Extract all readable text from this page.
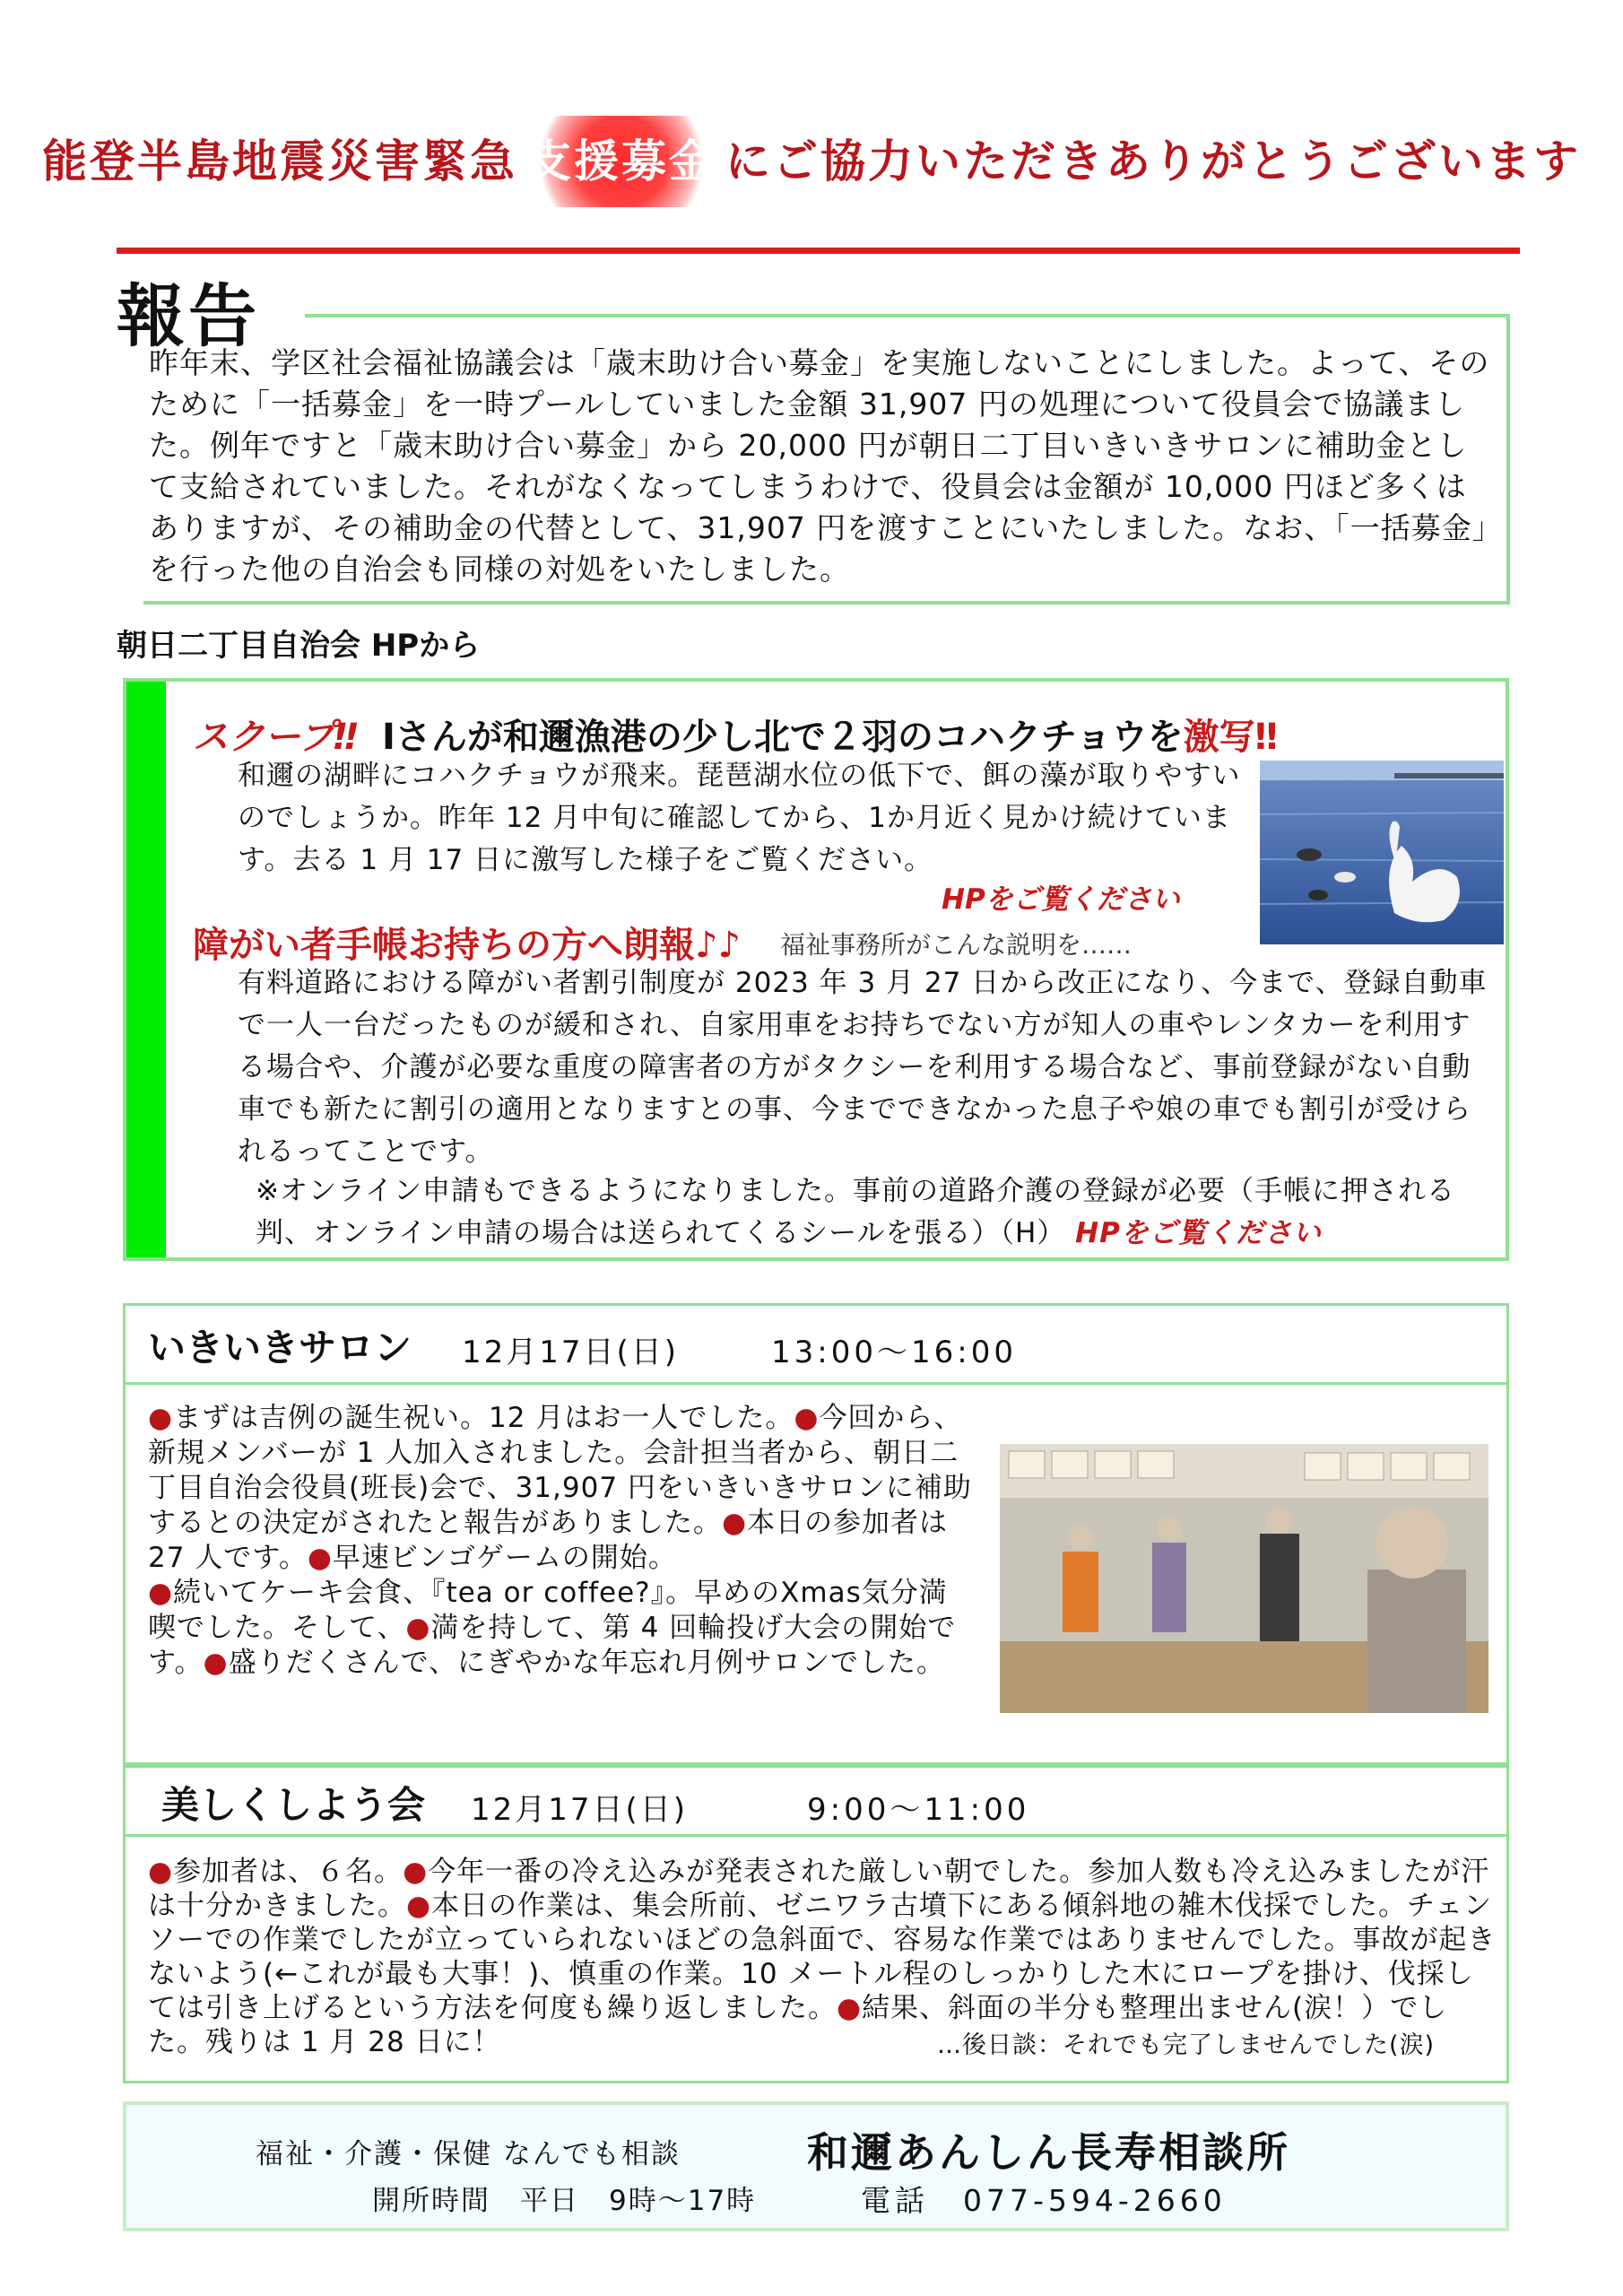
能登半島地震災害緊急 支援募金 にご協力いただきありがとうございます
報告
昨年末、学区社会福祉協議会は「歳末助け合い募金」を実施しないことにしました。よって、そのために「一括募金」を一時プールしていました金額 31,907 円の処理について役員会で協議ました。例年ですと「歳末助け合い募金」から 20,000 円が朝日二丁目いきいきサロンに補助金として支給されていました。それがなくなってしまうわけで、役員会は金額が 10,000 円ほど多くはありますが、その補助金の代替として、31,907 円を渡すことにいたしました。なお、「一括募金」を行った他の自治会も同様の対処をいたしました。
朝日二丁目自治会 HPから
スクープ‼ Iさんが和邇漁港の少し北で２羽のコハクチョウを激写‼
和邇の湖畔にコハクチョウが飛来。琵琶湖水位の低下で、餌の藻が取りやすいのでしょうか。昨年 12 月中旬に確認してから、1か月近く見かけ続けています。去る 1 月 17 日に激写した様子をご覧ください。
HPをご覧ください
障がい者手帳お持ちの方へ朗報♪♪ 福祉事務所がこんな説明を……
有料道路における障がい者割引制度が 2023 年 3 月 27 日から改正になり、今まで、登録自動車で一人一台だったものが緩和され、自家用車をお持ちでない方が知人の車やレンタカーを利用する場合や、介護が必要な重度の障害者の方がタクシーを利用する場合など、事前登録がない自動車でも新たに割引の適用となりますとの事、今までできなかった息子や娘の車でも割引が受けられるってことです。
※オンライン申請もできるようになりました。事前の道路介護の登録が必要（手帳に押される判、オンライン申請の場合は送られてくるシールを張る）（H） HPをご覧ください
いきいきサロン 12月17日(日)	13:00～16:00
●まずは吉例の誕生祝い。12 月はお一人でした。●今回から、新規メンバーが 1 人加入されました。会計担当者から、朝日二丁目自治会役員(班長)会で、31,907 円をいきいきサロンに補助するとの決定がされたと報告がありました。●本日の参加者は 27 人です。●早速ビンゴゲームの開始。
●続いてケーキ会食、『tea or coffee?』。早めのXmas気分満喫でした。そして、●満を持して、第 4 回輪投げ大会の開始です。●盛りだくさんで、にぎやかな年忘れ月例サロンでした。
美しくしよう会 12月17日(日)	9:00～11:00
●参加者は、６名。●今年一番の冷え込みが発表された厳しい朝でした。参加人数も冷え込みましたが汗は十分かきました。●本日の作業は、集会所前、ゼニワラ古墳下にある傾斜地の雑木伐採でした。チェンソーでの作業でしたが立っていられないほどの急斜面で、容易な作業ではありませんでした。事故が起きないよう(←これが最も大事！)、慎重の作業。10 メートル程のしっかりした木にロープを掛け、伐採しては引き上げるという方法を何度も繰り返しました。●結果、斜面の半分も整理出ません(涙！）でした。残りは 1 月 28 日に！	…後日談：それでも完了しませんでした(涙)
福祉・介護・保健 なんでも相談	和邇あんしん長寿相談所
開所時間　平日　9時～17時	電話　077-594-2660
